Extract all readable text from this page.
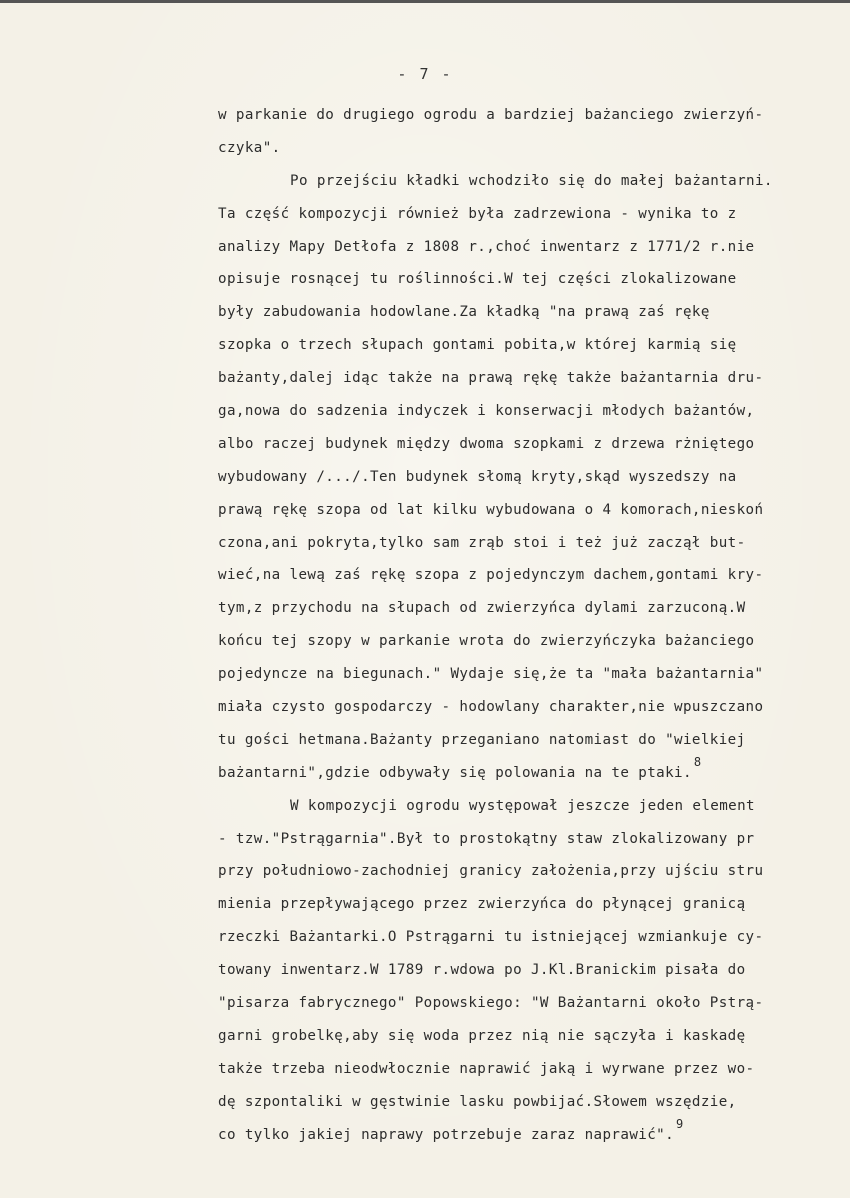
- 7 -
w parkanie do drugiego ogrodu a bardziej bażanciego zwierzyń-
czyka".
Po przejściu kładki wchodziło się do małej bażantarni.
Ta część kompozycji również była zadrzewiona - wynika to z
analizy Mapy Detłofa z 1808 r.,choć inwentarz z 1771/2 r.nie
opisuje rosnącej tu roślinności.W tej części zlokalizowane
były zabudowania hodowlane.Za kładką "na prawą zaś rękę
szopka o trzech słupach gontami pobita,w której karmią się
bażanty,dalej idąc także na prawą rękę także bażantarnia dru-
ga,nowa do sadzenia indyczek i konserwacji młodych bażantów,
albo raczej budynek między dwoma szopkami z drzewa rżniętego
wybudowany /.../.Ten budynek słomą kryty,skąd wyszedszy na
prawą rękę szopa od lat kilku wybudowana o 4 komorach,nieskoń
czona,ani pokryta,tylko sam zrąb stoi i też już zaczął but-
wieć,na lewą zaś rękę szopa z pojedynczym dachem,gontami kry-
tym,z przychodu na słupach od zwierzyńca dylami zarzuconą.W
końcu tej szopy w parkanie wrota do zwierzyńczyka bażanciego
pojedyncze na biegunach." Wydaje się,że ta "mała bażantarnia"
miała czysto gospodarczy - hodowlany charakter,nie wpuszczano
tu gości hetmana.Bażanty przeganiano natomiast do "wielkiej
bażantarni",gdzie odbywały się polowania na te ptaki.$^8$
W kompozycji ogrodu występował jeszcze jeden element
- tzw."Pstrągarnia".Był to prostokątny staw zlokalizowany pr
przy południowo-zachodniej granicy założenia,przy ujściu stru
mienia przepływającego przez zwierzyńca do płynącej granicą
rzeczki Bażantarki.O Pstrągarni tu istniejącej wzmiankuje cy-
towany inwentarz.W 1789 r.wdowa po J.Kl.Branickim pisała do
"pisarza fabrycznego" Popowskiego: "W Bażantarni około Pstrą-
garni grobelkę,aby się woda przez nią nie sączyła i kaskadę
także trzeba nieodwłocznie naprawić jaką i wyrwane przez wo-
dę szpontaliki w gęstwinie lasku powbijać.Słowem wszędzie,
co tylko jakiej naprawy potrzebuje zaraz naprawić".$^9$
